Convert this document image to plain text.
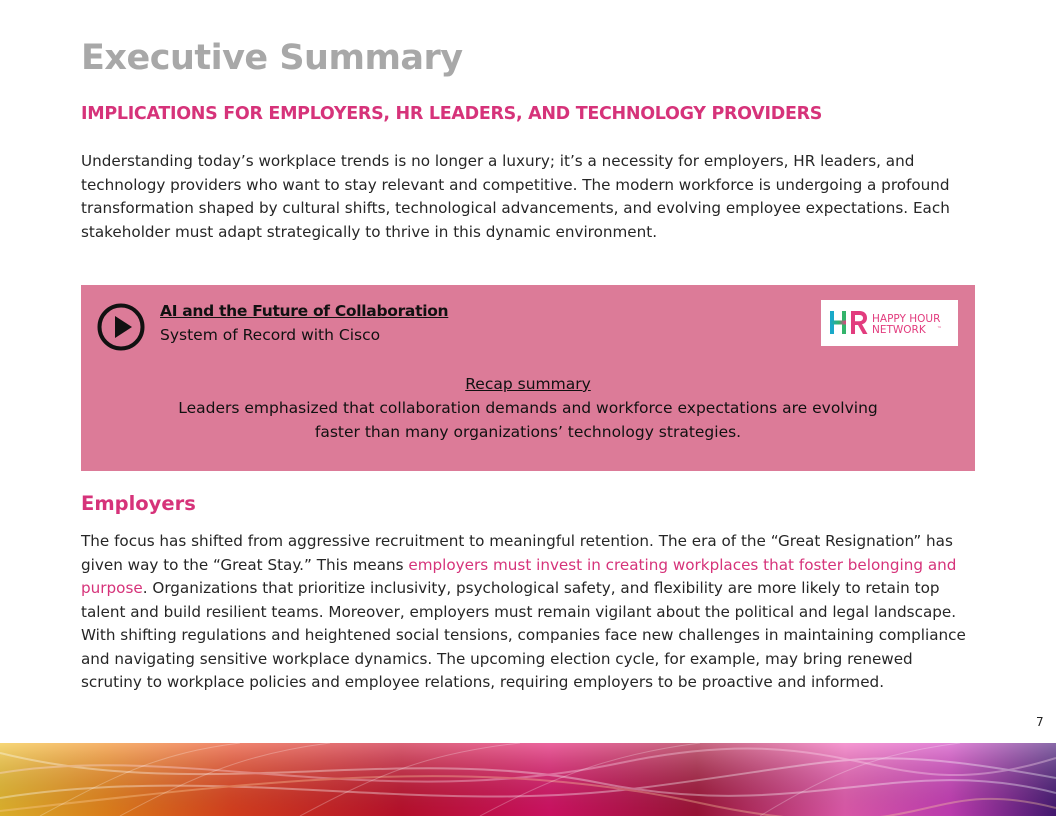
Executive Summary
IMPLICATIONS FOR EMPLOYERS, HR LEADERS, AND TECHNOLOGY PROVIDERS

Understanding today’s workplace trends is no longer a luxury; it’s a necessity for employers, HR leaders, and technology providers who want to stay relevant and competitive. The modern workforce is undergoing a profound transformation shaped by cultural shifts, technological advancements, and evolving employee expectations. Each stakeholder must adapt strategically to thrive in this dynamic environment.

AI and the Future of Collaboration

System of Record with Cisco

HAPPY HOUR
NETWORK ™

Recap summary

Leaders emphasized that collaboration demands and workforce expectations are evolving faster than many organizations’ technology strategies.

Employers

The focus has shifted from aggressive recruitment to meaningful retention. The era of the “Great Resignation” has given way to the “Great Stay.” This means employers must invest in creating workplaces that foster belonging and purpose. Organizations that prioritize inclusivity, psychological safety, and flexibility are more likely to retain top talent and build resilient teams. Moreover, employers must remain vigilant about the political and legal landscape. With shifting regulations and heightened social tensions, companies face new challenges in maintaining compliance and navigating sensitive workplace dynamics. The upcoming election cycle, for example, may bring renewed scrutiny to workplace policies and employee relations, requiring employers to be proactive and informed.

7
